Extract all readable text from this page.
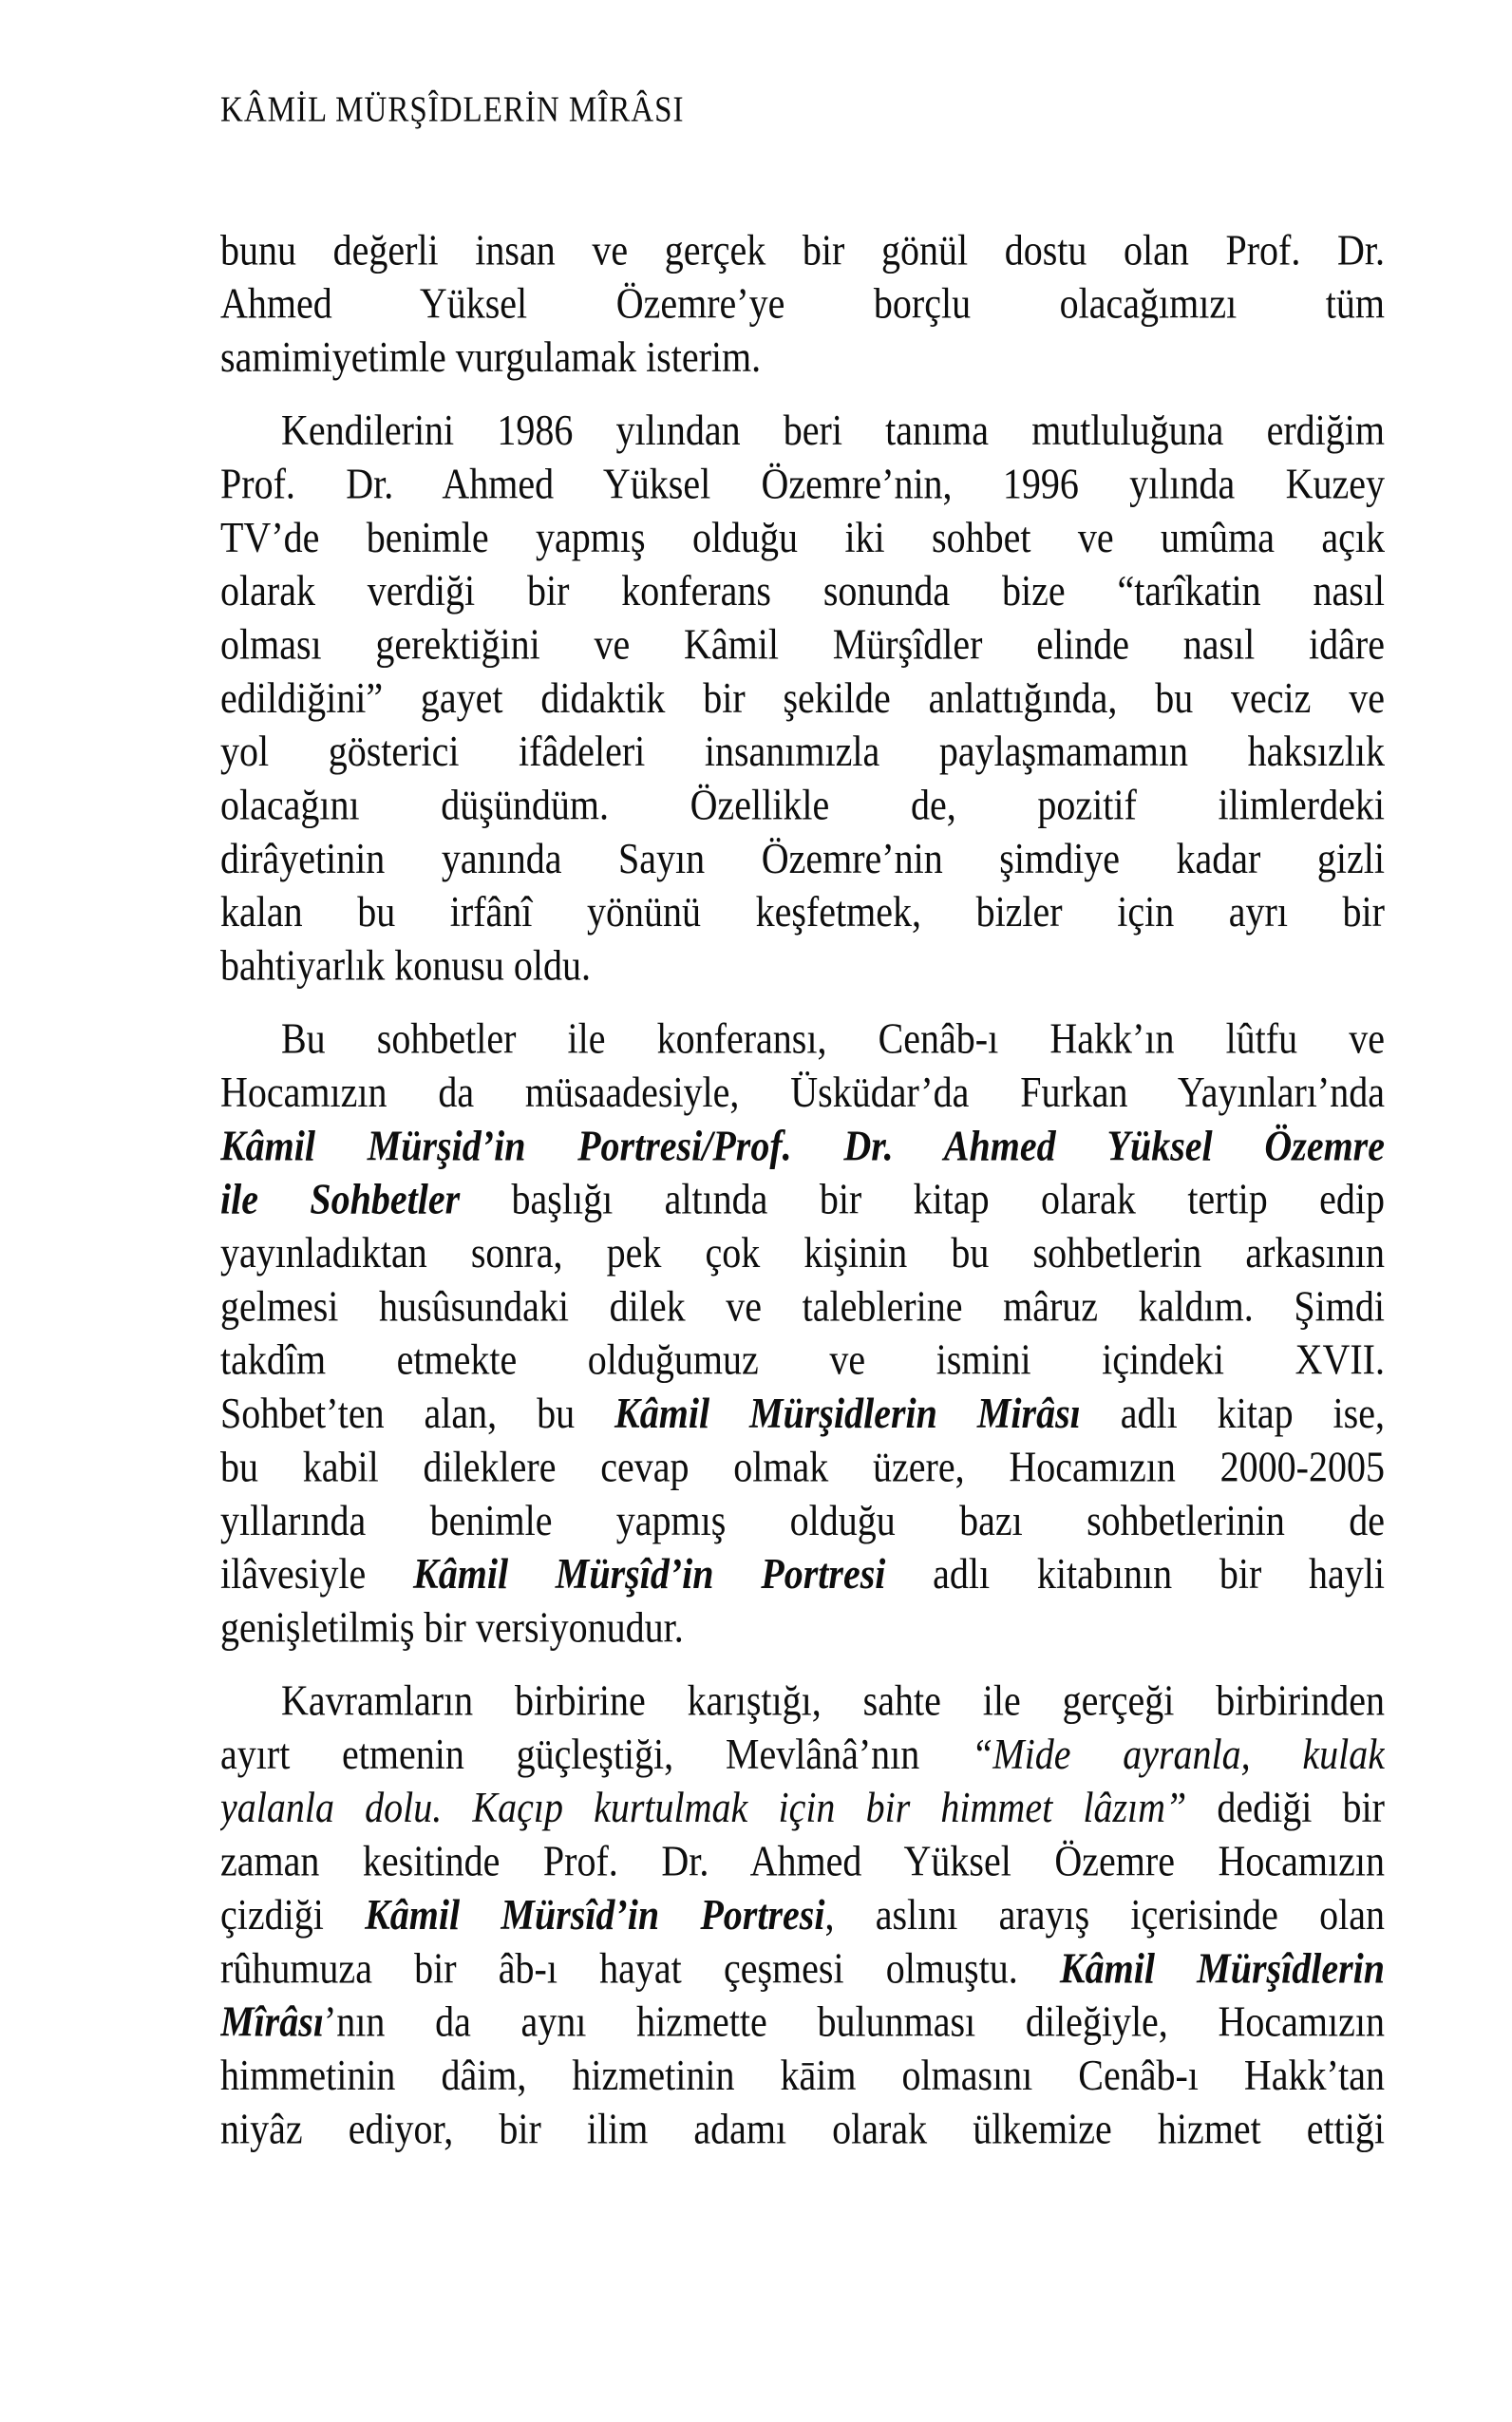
KÂMİL MÜRŞÎDLERİN MÎRÂSI
bunu değerli insan ve gerçek bir gönül dostu olan Prof. Dr.
Ahmed Yüksel Özemre’ye borçlu olacağımızı tüm
samimiyetimle vurgulamak isterim.
Kendilerini 1986 yılından beri tanıma mutluluğuna erdiğim
Prof. Dr. Ahmed Yüksel Özemre’nin, 1996 yılında Kuzey
TV’de benimle yapmış olduğu iki sohbet ve umûma açık
olarak verdiği bir konferans sonunda bize “tarîkatin nasıl
olması gerektiğini ve Kâmil Mürşîdler elinde nasıl idâre
edildiğini” gayet didaktik bir şekilde anlattığında, bu veciz ve
yol gösterici ifâdeleri insanımızla paylaşmamamın haksızlık
olacağını düşündüm. Özellikle de, pozitif ilimlerdeki
dirâyetinin yanında Sayın Özemre’nin şimdiye kadar gizli
kalan bu irfânî yönünü keşfetmek, bizler için ayrı bir
bahtiyarlık konusu oldu.
Bu sohbetler ile konferansı, Cenâb-ı Hakk’ın lûtfu ve
Hocamızın da müsaadesiyle, Üsküdar’da Furkan Yayınları’nda
Kâmil Mürşid’in Portresi/Prof. Dr. Ahmed Yüksel Özemre
ile Sohbetler başlığı altında bir kitap olarak tertip edip
yayınladıktan sonra, pek çok kişinin bu sohbetlerin arkasının
gelmesi husûsundaki dilek ve taleblerine mâruz kaldım. Şimdi
takdîm etmekte olduğumuz ve ismini içindeki XVII.
Sohbet’ten alan, bu Kâmil Mürşidlerin Mirâsı adlı kitap ise,
bu kabil dileklere cevap olmak üzere, Hocamızın 2000-2005
yıllarında benimle yapmış olduğu bazı sohbetlerinin de
ilâvesiyle Kâmil Mürşîd’in Portresi adlı kitabının bir hayli
genişletilmiş bir versiyonudur.
Kavramların birbirine karıştığı, sahte ile gerçeği birbirinden
ayırt etmenin güçleştiği, Mevlânâ’nın “Mide ayranla, kulak
yalanla dolu. Kaçıp kurtulmak için bir himmet lâzım” dediği bir
zaman kesitinde Prof. Dr. Ahmed Yüksel Özemre Hocamızın
çizdiği Kâmil Mürsîd’in Portresi, aslını arayış içerisinde olan
rûhumuza bir âb-ı hayat çeşmesi olmuştu. Kâmil Mürşîdlerin
Mîrâsı’nın da aynı hizmette bulunması dileğiyle, Hocamızın
himmetinin dâim, hizmetinin kāim olmasını Cenâb-ı Hakk’tan
niyâz ediyor, bir ilim adamı olarak ülkemize hizmet ettiği
